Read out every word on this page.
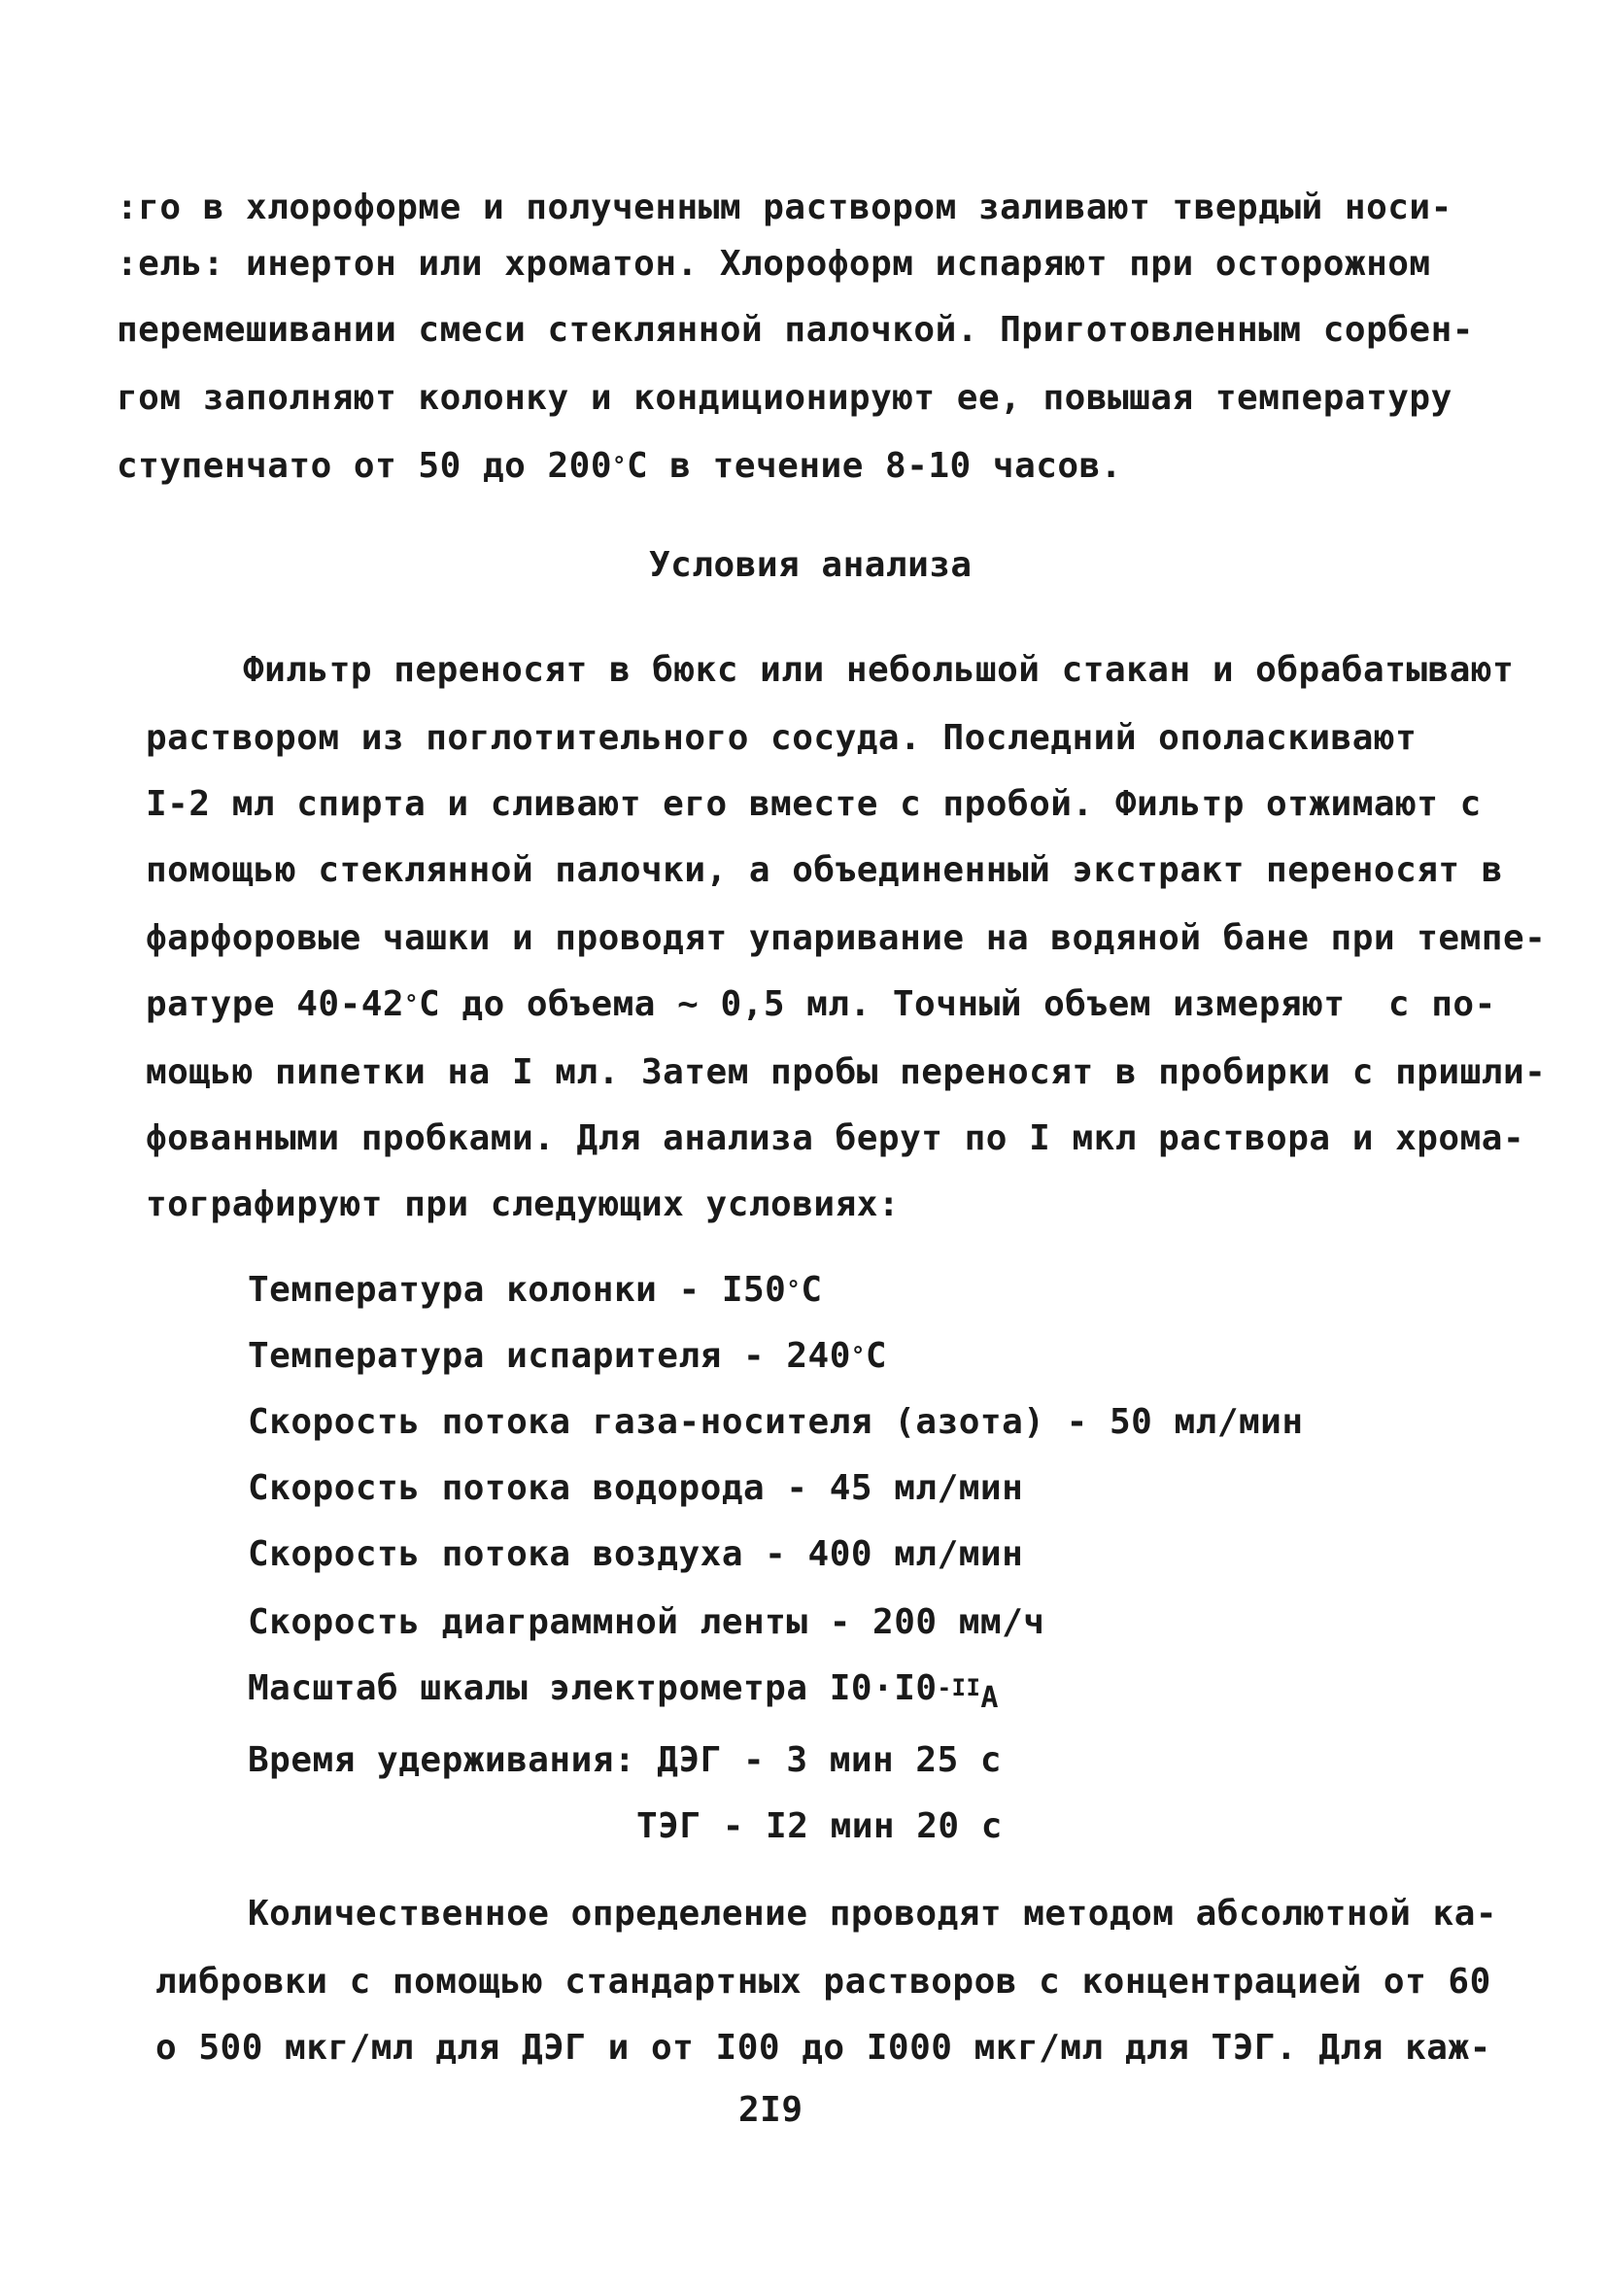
:го в хлороформе и полученным раствором заливают твердый носи-
:ель: инертон или хроматон. Хлороформ испаряют при осторожном
перемешивании смеси стеклянной палочкой. Приготовленным сорбен-
гом заполняют колонку и кондиционируют ее, повышая температуру
ступенчато от 50 до 200°С в течение 8-10 часов.
Условия анализа
Фильтр переносят в бюкс или небольшой стакан и обрабатывают
растворoм из поглотительного сосуда. Последний ополаскивают
I-2 мл спирта и сливают его вместе с пробой. Фильтр отжимают с
помощью стеклянной палочки, а объединенный экстракт переносят в
фарфоровые чашки и проводят упаривание на водяной бане при темпе-
ратуре 40-42°С до объема ~ 0,5 мл. Точный объем измеряют  с по-
мощью пипетки на I мл. Затем пробы переносят в пробирки с пришли-
фованными пробками. Для анализа берут по I мкл раствора и хрома-
тографируют при следующих условиях:
Температура колонки - I50°С
Температура испарителя - 240°С
Скорость потока газа-носителя (азота) - 50 мл/мин
Скорость потока водорода - 45 мл/мин
Скорость потока воздуха - 400 мл/мин
Скорость диаграммной ленты - 200 мм/ч
Масштаб шкалы электрометра $I0\cdot I0^{-II}_А$
Время удерживания: ДЭГ - 3 мин 25 с
ТЭГ - I2 мин 20 с
Количественное определение проводят методом абсолютной ка-
либровки с помощью стандартных растворов с концентрацией от 60
о 500 мкг/мл для ДЭГ и от I00 до I000 мкг/мл для ТЭГ. Для каж-
2I9
